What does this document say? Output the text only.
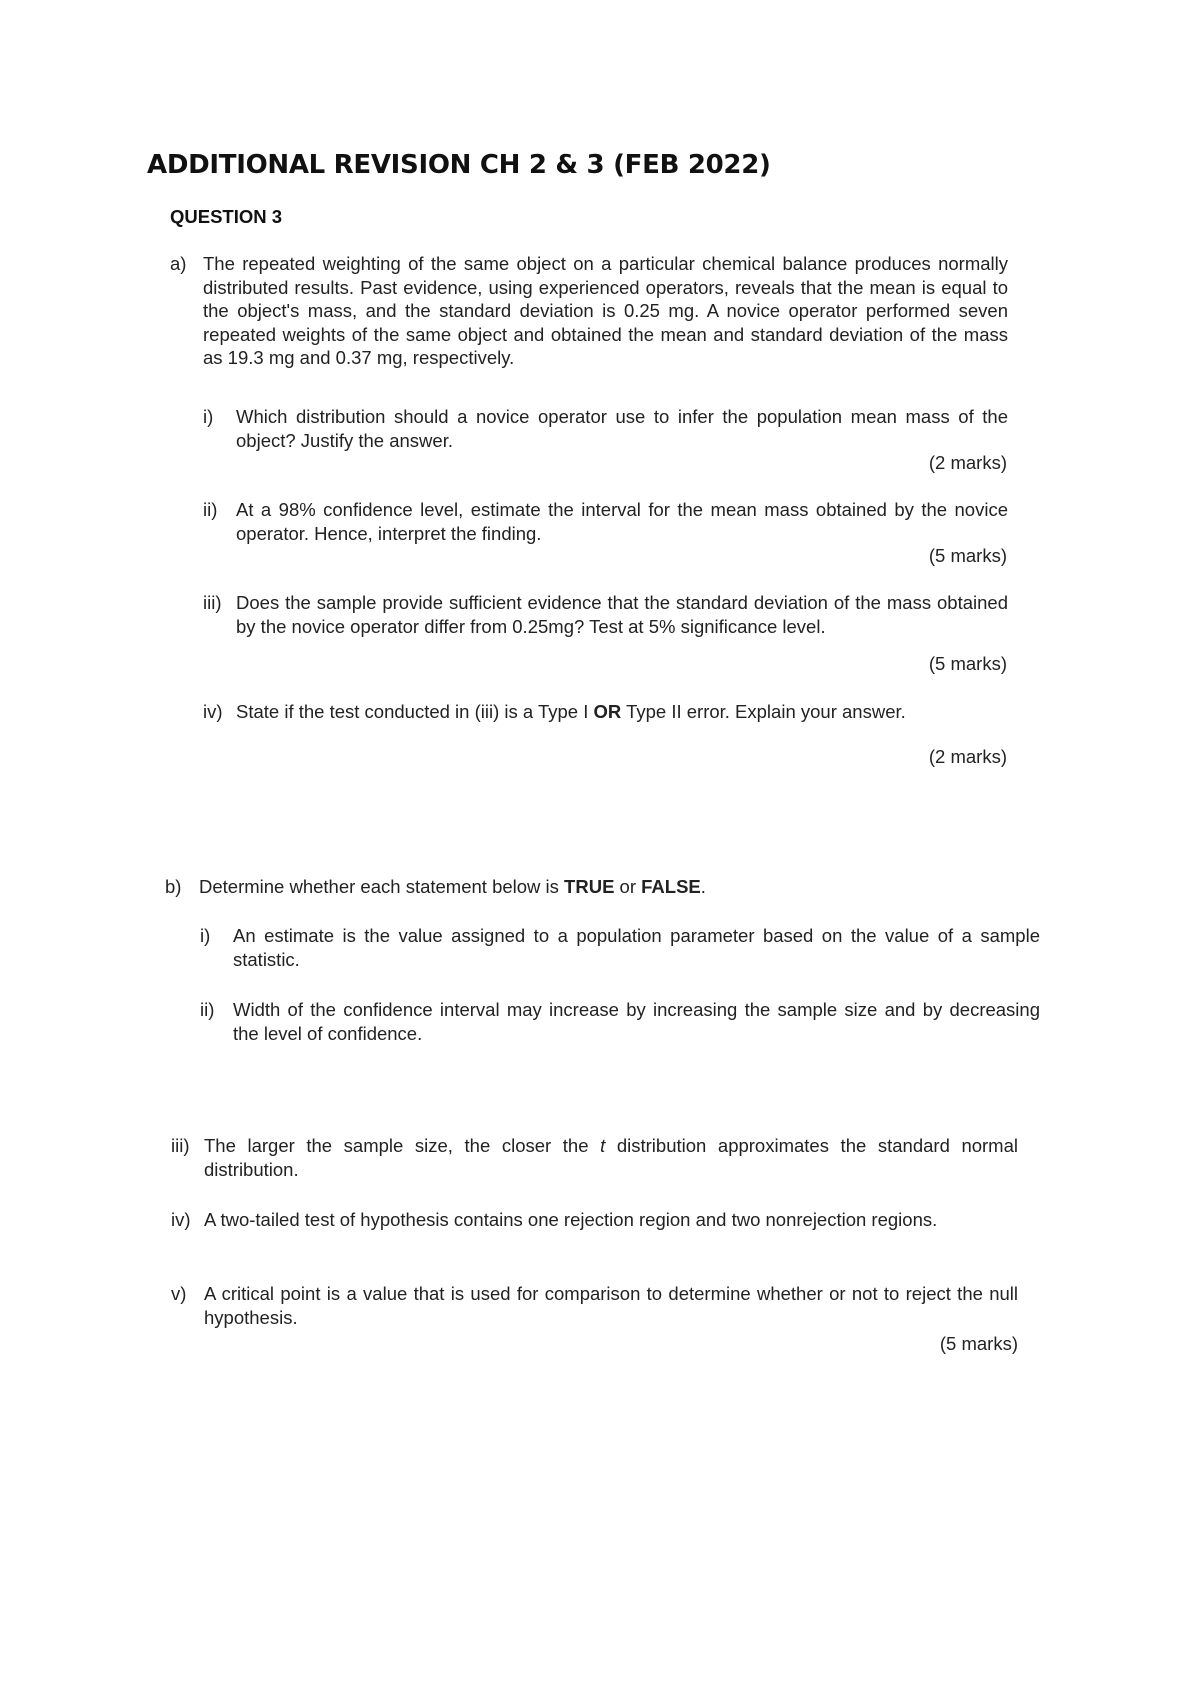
ADDITIONAL REVISION CH 2 & 3 (FEB 2022)
QUESTION 3
a) The repeated weighting of the same object on a particular chemical balance produces normally distributed results. Past evidence, using experienced operators, reveals that the mean is equal to the object's mass, and the standard deviation is 0.25 mg. A novice operator performed seven repeated weights of the same object and obtained the mean and standard deviation of the mass as 19.3 mg and 0.37 mg, respectively.
i)	Which distribution should a novice operator use to infer the population mean mass of the object? Justify the answer.
(2 marks)
ii)	At a 98% confidence level, estimate the interval for the mean mass obtained by the novice operator. Hence, interpret the finding.
(5 marks)
iii) Does the sample provide sufficient evidence that the standard deviation of the mass obtained by the novice operator differ from 0.25mg? Test at 5% significance level.
(5 marks)
iv) State if the test conducted in (iii) is a Type I OR Type II error. Explain your answer.
(2 marks)
b) Determine whether each statement below is TRUE or FALSE.
i)	An estimate is the value assigned to a population parameter based on the value of a sample statistic.
ii)	Width of the confidence interval may increase by increasing the sample size and by decreasing the level of confidence.
iii) The larger the sample size, the closer the t distribution approximates the standard normal distribution.
iv) A two-tailed test of hypothesis contains one rejection region and two nonrejection regions.
v) A critical point is a value that is used for comparison to determine whether or not to reject the null hypothesis.
(5 marks)
